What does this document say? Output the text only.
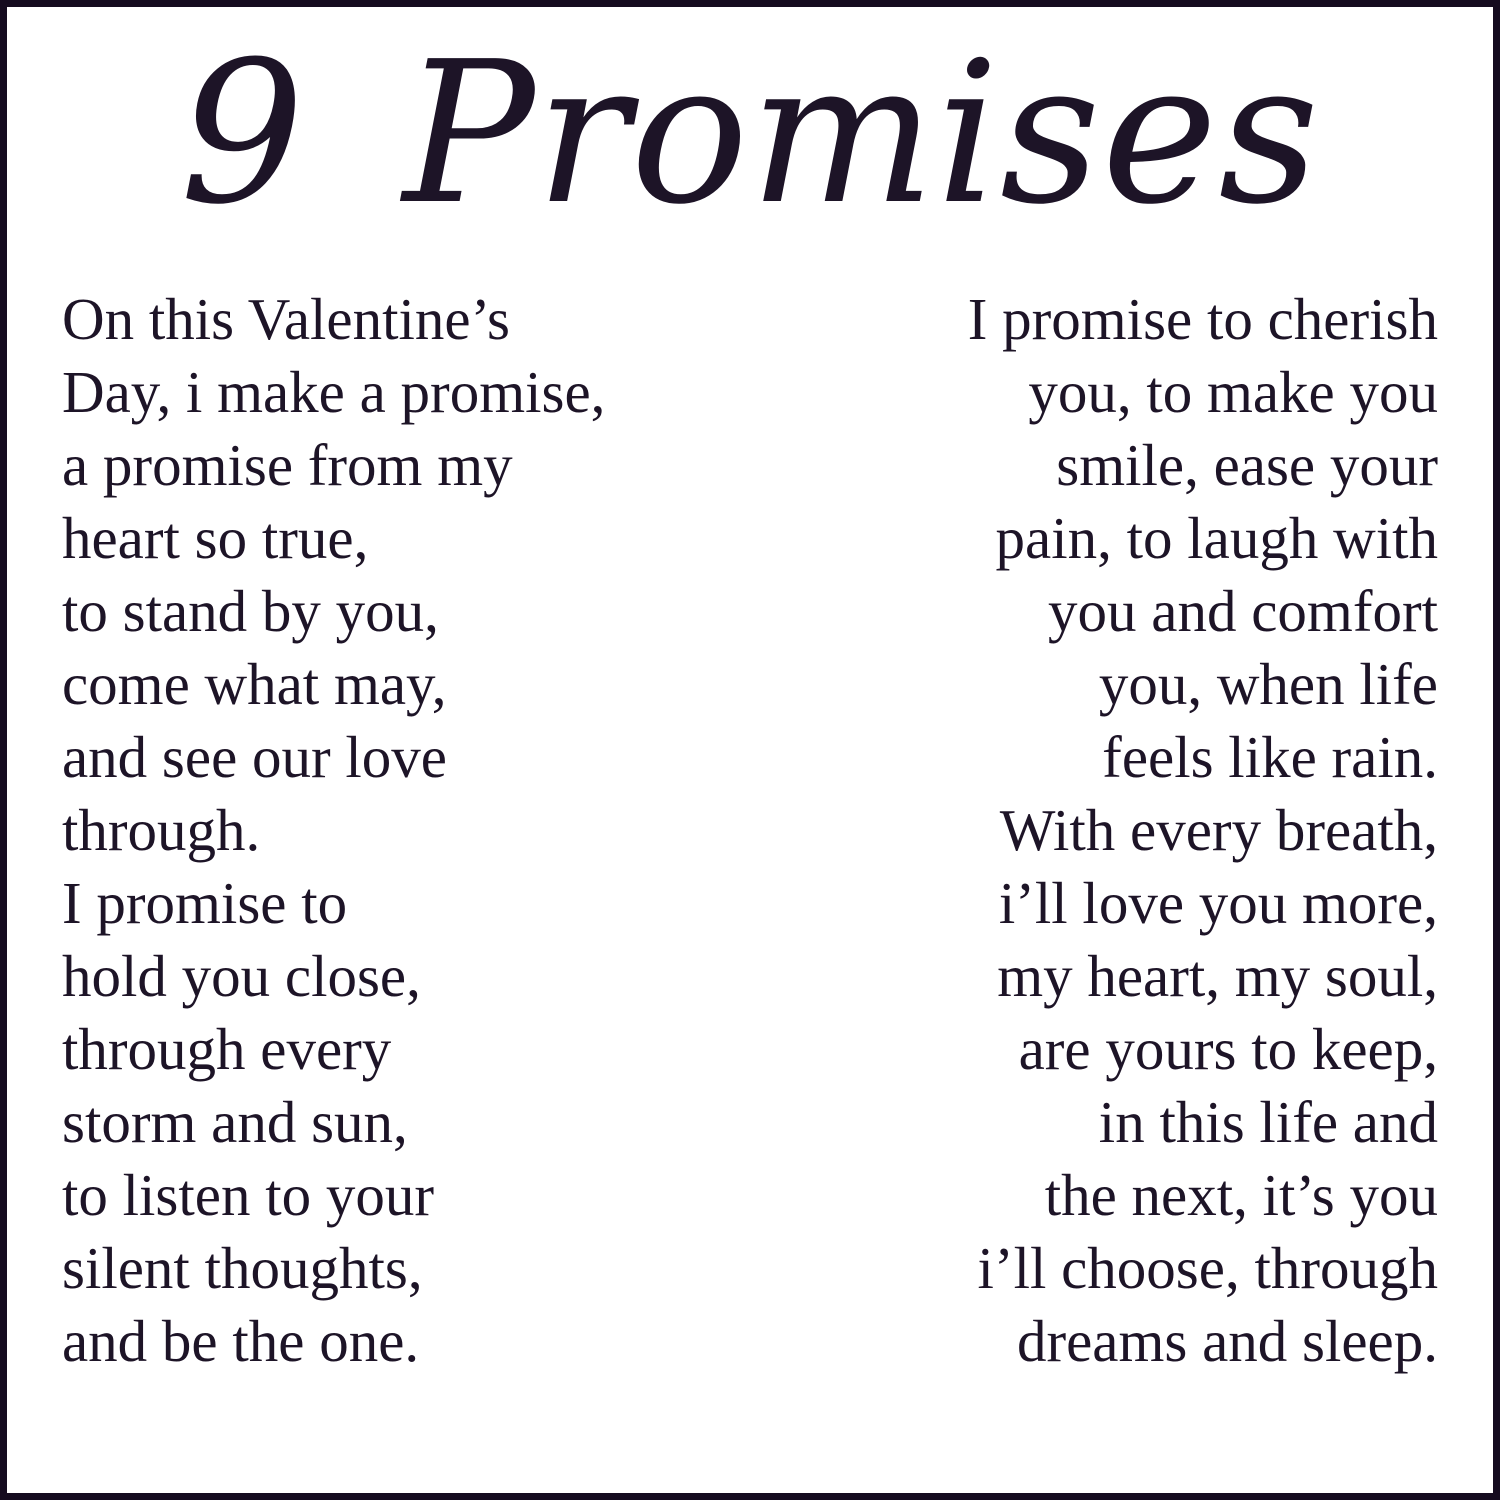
9 Promises
On this Valentine’s
Day, i make a promise,
a promise from my
heart so true,
to stand by you,
come what may,
and see our love
through.
I promise to
hold you close,
through every
storm and sun,
to listen to your
silent thoughts,
and be the one.
I promise to cherish
you, to make you
smile, ease your
pain, to laugh with
you and comfort
you, when life
feels like rain.
With every breath,
i’ll love you more,
my heart, my soul,
are yours to keep,
in this life and
the next, it’s you
i’ll choose, through
dreams and sleep.
